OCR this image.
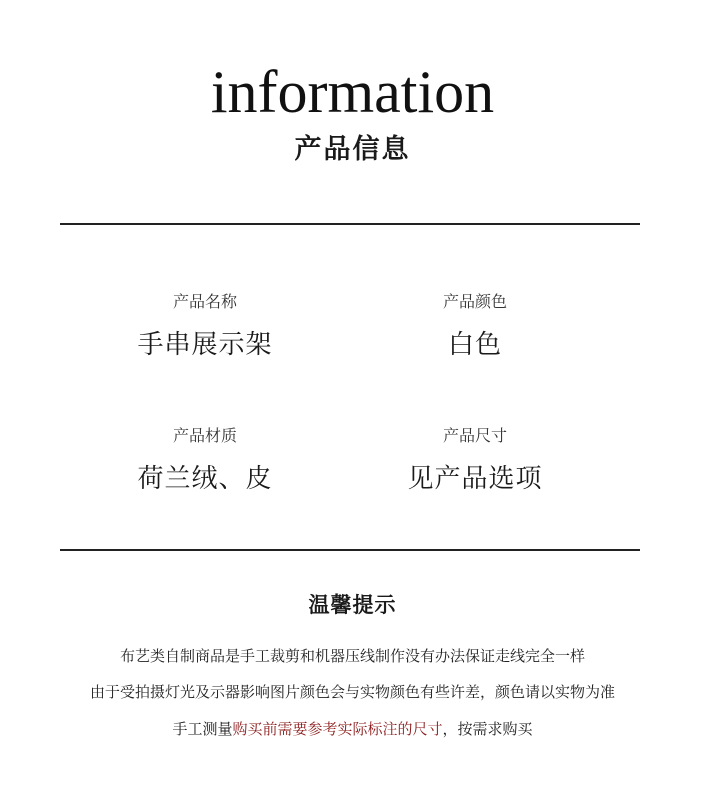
information
产品信息
产品名称
手串展示架
产品颜色
白色
产品材质
荷兰绒、皮
产品尺寸
见产品选项
温馨提示
布艺类自制商品是手工裁剪和机器压线制作没有办法保证走线完全一样
由于受拍摄灯光及示器影响图片颜色会与实物颜色有些许差，颜色请以实物为准
手工测量购买前需要参考实际标注的尺寸，按需求购买
